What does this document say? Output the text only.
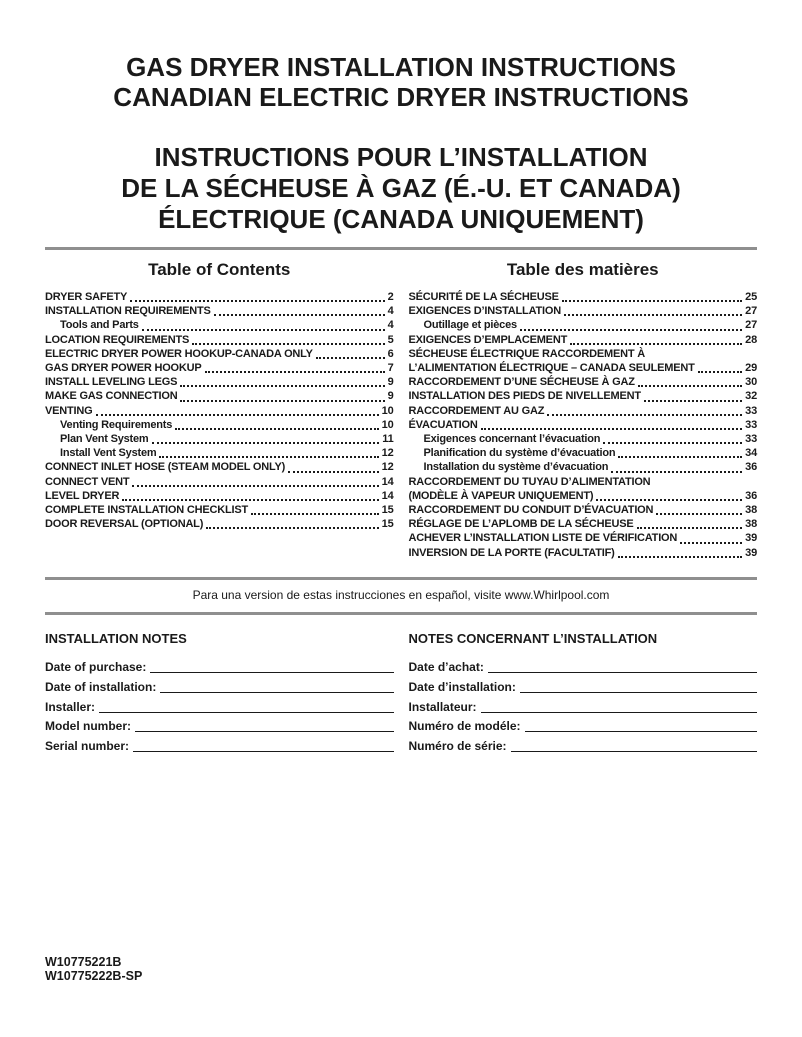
GAS DRYER INSTALLATION INSTRUCTIONS
CANADIAN ELECTRIC DRYER INSTRUCTIONS
INSTRUCTIONS POUR L’INSTALLATION
DE LA SÉCHEUSE À GAZ (É.-U. ET CANADA)
ÉLECTRIQUE (CANADA UNIQUEMENT)
Table of Contents
DRYER SAFETY	2
INSTALLATION REQUIREMENTS	4
Tools and Parts	4
LOCATION REQUIREMENTS	5
ELECTRIC DRYER POWER HOOKUP-CANADA ONLY	6
GAS DRYER POWER HOOKUP	7
INSTALL LEVELING LEGS	9
MAKE GAS CONNECTION	9
VENTING	10
Venting Requirements	10
Plan Vent System	11
Install Vent System	12
CONNECT INLET HOSE (STEAM MODEL ONLY)	12
CONNECT VENT	14
LEVEL DRYER	14
COMPLETE INSTALLATION CHECKLIST	15
DOOR REVERSAL (OPTIONAL)	15
Table des matières
SÉCURITÉ DE LA SÉCHEUSE	25
EXIGENCES D’INSTALLATION	27
Outillage et pièces	27
EXIGENCES D’EMPLACEMENT	28
SÉCHEUSE ÉLECTRIQUE RACCORDEMENT À
L’ALIMENTATION ÉLECTRIQUE – CANADA SEULEMENT	29
RACCORDEMENT D’UNE SÉCHEUSE À GAZ	30
INSTALLATION DES PIEDS DE NIVELLEMENT	32
RACCORDEMENT AU GAZ	33
ÉVACUATION	33
Exigences concernant l’évacuation	33
Planification du système d’évacuation	34
Installation du système d’évacuation	36
RACCORDEMENT DU TUYAU D’ALIMENTATION
(MODÈLE À VAPEUR UNIQUEMENT)	36
RACCORDEMENT DU CONDUIT D’ÉVACUATION	38
RÉGLAGE DE L’APLOMB DE LA SÉCHEUSE	38
ACHEVER L’INSTALLATION LISTE DE VÉRIFICATION	39
INVERSION DE LA PORTE (FACULTATIF)	39

Para una version de estas instrucciones en español, visite www.Whirlpool.com

INSTALLATION NOTES
Date of purchase:
Date of installation:
Installer:
Model number:
Serial number:
NOTES CONCERNANT L’INSTALLATION
Date d’achat:
Date d’installation:
Installateur:
Numéro de modéle:
Numéro de série:
W10775221B
W10775222B-SP
